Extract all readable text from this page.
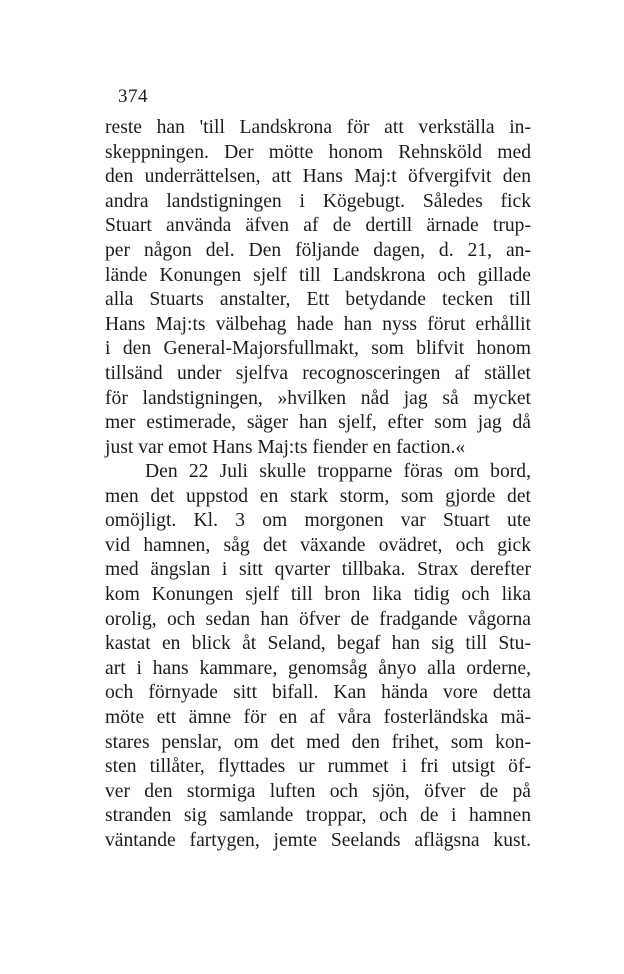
374
reste han 'till Landskrona för att verkställa in-
skeppningen. Der mötte honom Rehnsköld med
den underrättelsen, att Hans Maj:t öfvergifvit den
andra landstigningen i Kögebugt. Således fick
Stuart använda äfven af de dertill ärnade trup-
per någon del. Den följande dagen, d. 21, an-
lände Konungen sjelf till Landskrona och gillade
alla Stuarts anstalter, Ett betydande tecken till
Hans Maj:ts välbehag hade han nyss förut erhållit
i den General-Majorsfullmakt, som blifvit honom
tillsänd under sjelfva recognosceringen af stället
för landstigningen, »hvilken nåd jag så mycket
mer estimerade, säger han sjelf, efter som jag då
just var emot Hans Maj:ts fiender en faction.«
Den 22 Juli skulle tropparne föras om bord,
men det uppstod en stark storm, som gjorde det
omöjligt. Kl. 3 om morgonen var Stuart ute
vid hamnen, såg det växande ovädret, och gick
med ängslan i sitt qvarter tillbaka. Strax derefter
kom Konungen sjelf till bron lika tidig och lika
orolig, och sedan han öfver de fradgande vågorna
kastat en blick åt Seland, begaf han sig till Stu-
art i hans kammare, genomsåg ånyo alla orderne,
och förnyade sitt bifall. Kan hända vore detta
möte ett ämne för en af våra fosterländska mä-
stares penslar, om det med den frihet, som kon-
sten tillåter, flyttades ur rummet i fri utsigt öf-
ver den stormiga luften och sjön, öfver de på
stranden sig samlande troppar, och de i hamnen
väntande fartygen, jemte Seelands aflägsna kust.
